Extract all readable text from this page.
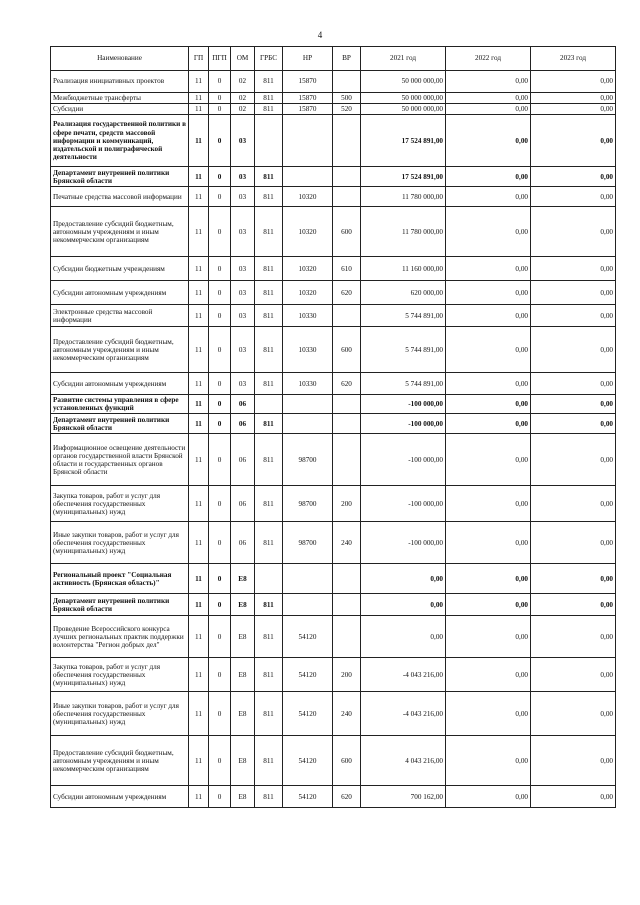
4
Наименование	ГП	ПГП	ОМ	ГРБС	НР	ВР	2021 год	2022 год	2023 год
Реализация инициативных проектов	11	0	02	811	15870		50 000 000,00	0,00	0,00
Межбюджетные трансферты	11	0	02	811	15870	500	50 000 000,00	0,00	0,00
Субсидии	11	0	02	811	15870	520	50 000 000,00	0,00	0,00
Реализация государственной политики в сфере печати, средств массовой информации и коммуникаций, издательской и полиграфической деятельности	11	0	03				17 524 891,00	0,00	0,00
Департамент внутренней политики Брянской области	11	0	03	811			17 524 891,00	0,00	0,00
Печатные средства массовой информации	11	0	03	811	10320		11 780 000,00	0,00	0,00
Предоставление субсидий бюджетным, автономным учреждениям и иным некоммерческим организациям	11	0	03	811	10320	600	11 780 000,00	0,00	0,00
Субсидии бюджетным учреждениям	11	0	03	811	10320	610	11 160 000,00	0,00	0,00
Субсидии автономным учреждениям	11	0	03	811	10320	620	620 000,00	0,00	0,00
Электронные средства массовой информации	11	0	03	811	10330		5 744 891,00	0,00	0,00
Предоставление субсидий бюджетным, автономным учреждениям и иным некоммерческим организациям	11	0	03	811	10330	600	5 744 891,00	0,00	0,00
Субсидии автономным учреждениям	11	0	03	811	10330	620	5 744 891,00	0,00	0,00
Развитие системы управления в сфере установленных функций	11	0	06				-100 000,00	0,00	0,00
Департамент внутренней политики Брянской области	11	0	06	811			-100 000,00	0,00	0,00
Информационное освещение деятельности органов государственной власти Брянской области и государственных органов Брянской области	11	0	06	811	98700		-100 000,00	0,00	0,00
Закупка товаров, работ и услуг для обеспечения государственных (муниципальных) нужд	11	0	06	811	98700	200	-100 000,00	0,00	0,00
Иные закупки товаров, работ и услуг для обеспечения государственных (муниципальных) нужд	11	0	06	811	98700	240	-100 000,00	0,00	0,00
Региональный проект "Социальная активность (Брянская область)"	11	0	E8				0,00	0,00	0,00
Департамент внутренней политики Брянской области	11	0	E8	811			0,00	0,00	0,00
Проведение Всероссийского конкурса лучших региональных практик поддержки волонтерства "Регион добрых дел"	11	0	E8	811	54120		0,00	0,00	0,00
Закупка товаров, работ и услуг для обеспечения государственных (муниципальных) нужд	11	0	E8	811	54120	200	-4 043 216,00	0,00	0,00
Иные закупки товаров, работ и услуг для обеспечения государственных (муниципальных) нужд	11	0	E8	811	54120	240	-4 043 216,00	0,00	0,00
Предоставление субсидий бюджетным, автономным учреждениям и иным некоммерческим организациям	11	0	E8	811	54120	600	4 043 216,00	0,00	0,00
Субсидии автономным учреждениям	11	0	E8	811	54120	620	700 162,00	0,00	0,00
